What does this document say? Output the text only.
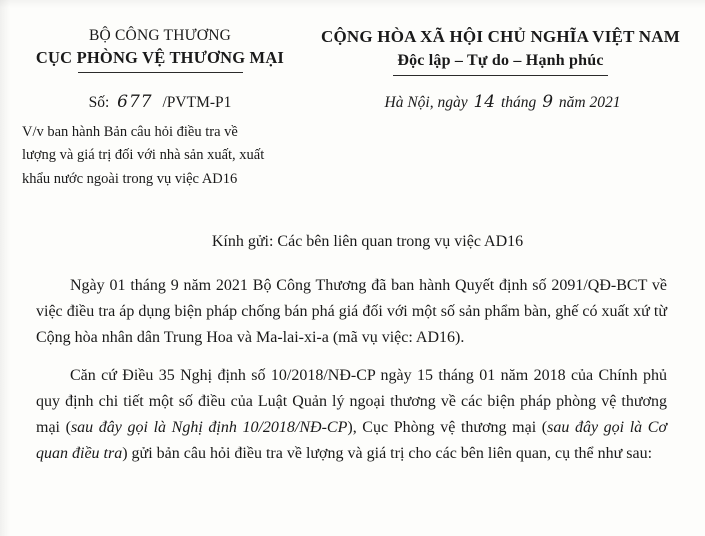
BỘ CÔNG THƯƠNG
CỤC PHÒNG VỆ THƯƠNG MẠI
CỘNG HÒA XÃ HỘI CHỦ NGHĨA VIỆT NAM
Độc lập – Tự do – Hạnh phúc
Số: 677 /PVTM-P1	Hà Nội, ngày 14 tháng 9 năm 2021
V/v ban hành Bản câu hỏi điều tra về
lượng và giá trị đối với nhà sản xuất, xuất
khẩu nước ngoài trong vụ việc AD16
Kính gửi: Các bên liên quan trong vụ việc AD16

Ngày 01 tháng 9 năm 2021 Bộ Công Thương đã ban hành Quyết định số 2091/QĐ-BCT về việc điều tra áp dụng biện pháp chống bán phá giá đối với một số sản phẩm bàn, ghế có xuất xứ từ Cộng hòa nhân dân Trung Hoa và Ma-lai-xi-a (mã vụ việc: AD16).

Căn cứ Điều 35 Nghị định số 10/2018/NĐ-CP ngày 15 tháng 01 năm 2018 của Chính phủ quy định chi tiết một số điều của Luật Quản lý ngoại thương về các biện pháp phòng vệ thương mại (sau đây gọi là Nghị định 10/2018/NĐ-CP), Cục Phòng vệ thương mại (sau đây gọi là Cơ quan điều tra) gửi bản câu hỏi điều tra về lượng và giá trị cho các bên liên quan, cụ thể như sau:
